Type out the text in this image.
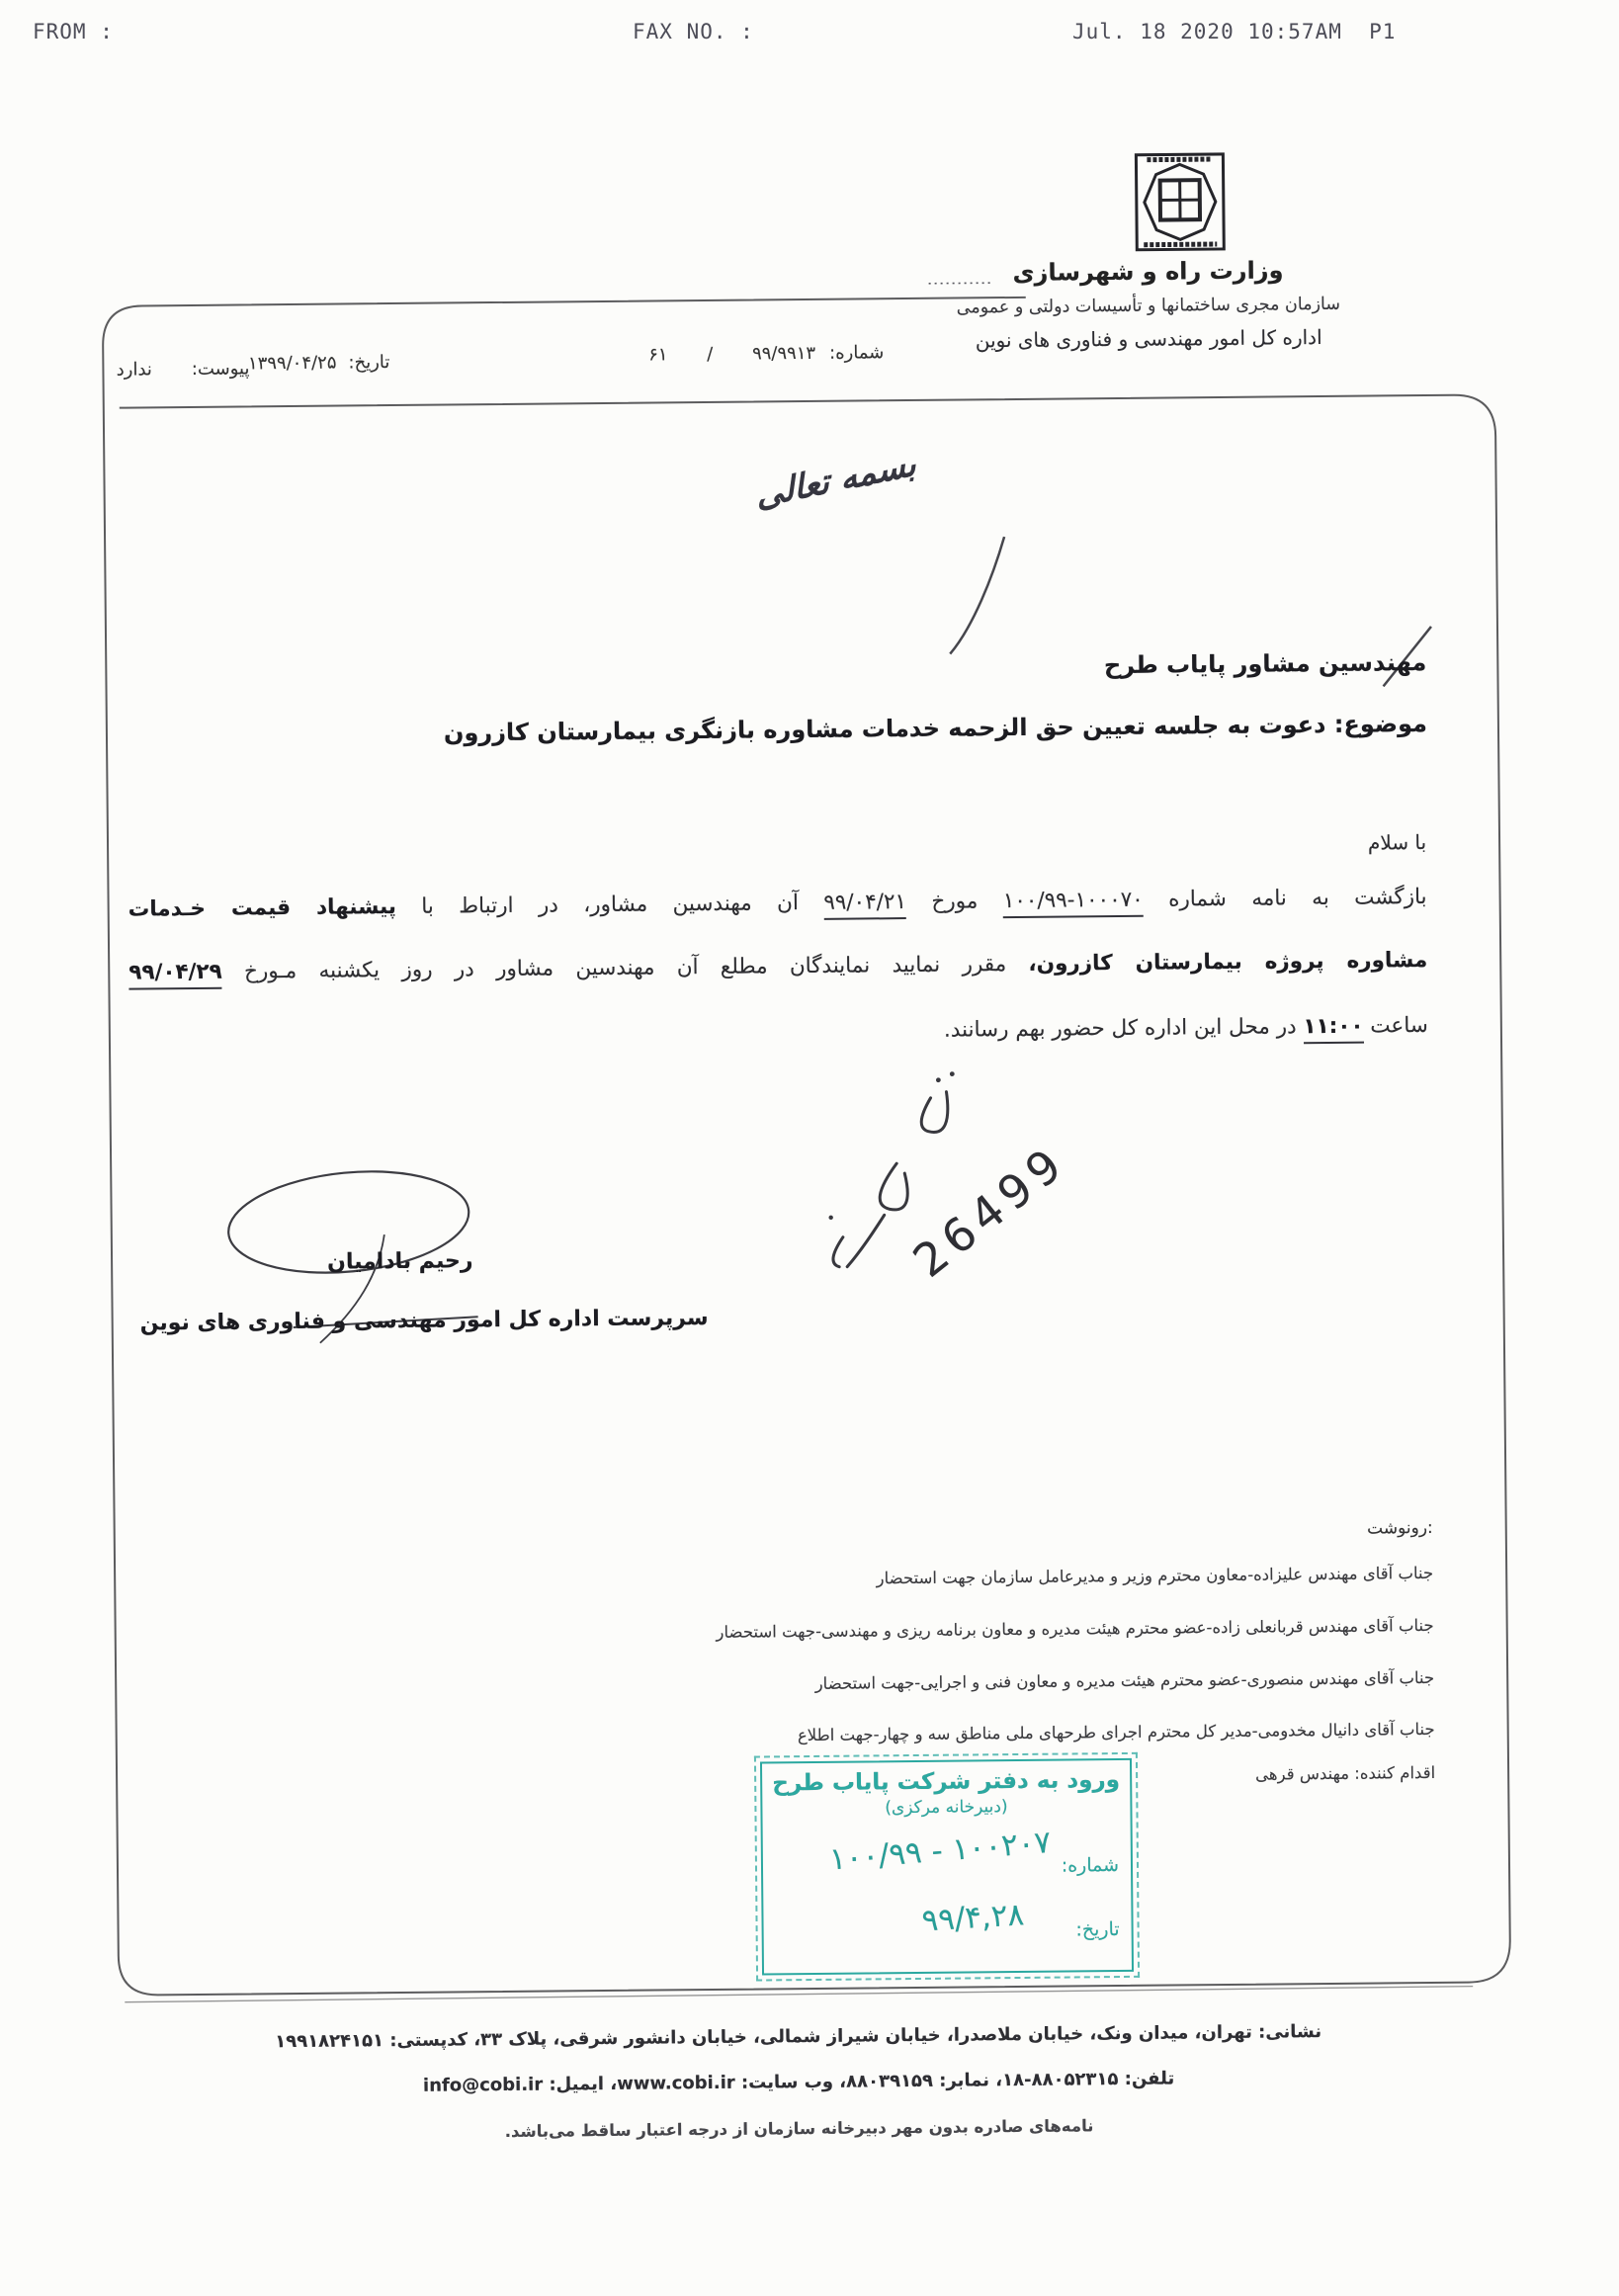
FROM :	FAX NO. :	Jul. 18 2020 10:57AM  P1
وزارت راه و شهرسازی
سازمان مجری ساختمانها و تأسیسات دولتی و عمومی
اداره کل امور مهندسی و فناوری های نوین
شماره:۹۹/۹۹۱۳ / ۶۱
تاریخ:۱۳۹۹/۰۴/۲۵
پیوست:ندارد
بسمه تعالی
مهندسین مشاور پایاب طرح
موضوع: دعوت به جلسه تعیین حق الزحمه خدمات مشاوره بازنگری بیمارستان کازرون
با سلام
بازگشت به نامه شماره ۱۰۰۰۷۰-۱۰۰/۹۹ مورخ ۹۹/۰۴/۲۱ آن مهندسین مشاور، در ارتباط با پیشنهاد قیمت خـدمات
مشاوره پروژه بیمارستان کازرون، مقرر نمایید نمایندگان مطلع آن مهندسین مشاور در روز یکشنبه مـورخ ۹۹/۰۴/۲۹
ساعت ۱۱:۰۰ در محل این اداره کل حضور بهم رسانند.
26499
رحیم بادامیان
سرپرست اداره کل امور مهندسی و فناوری های نوین
رونوشت:
جناب آقای مهندس علیزاده-معاون محترم وزیر و مدیرعامل سازمان جهت استحضار
جناب آقای مهندس قربانعلی زاده-عضو محترم هیئت مدیره و معاون برنامه ریزی و مهندسی-جهت استحضار
جناب آقای مهندس منصوری-عضو محترم هیئت مدیره و معاون فنی و اجرایی-جهت استحضار
جناب آقای دانیال مخدومی-مدیر کل محترم اجرای طرحهای ملی مناطق سه و چهار-جهت اطلاع
اقدام کننده: مهندس قرهی
ورود به دفتر شرکت پایاب طرح
(دبیرخانه مرکزی)
شماره:
۱۰۰۲۰۷ - ۱۰۰/۹۹
تاریخ:
۹۹/۴,۲۸
نشانی: تهران، میدان ونک، خیابان ملاصدرا، خیابان شیراز شمالی، خیابان دانشور شرقی، پلاک ۳۳، کدپستی: ۱۹۹۱۸۲۴۱۵۱
تلفن: ۸۸۰۵۲۳۱۵-۱۸، نمابر: ۸۸۰۳۹۱۵۹، وب سایت: www.cobi.ir، ایمیل: info@cobi.ir
نامه‌های صادره بدون مهر دبیرخانه سازمان از درجه اعتبار ساقط می‌باشد.
